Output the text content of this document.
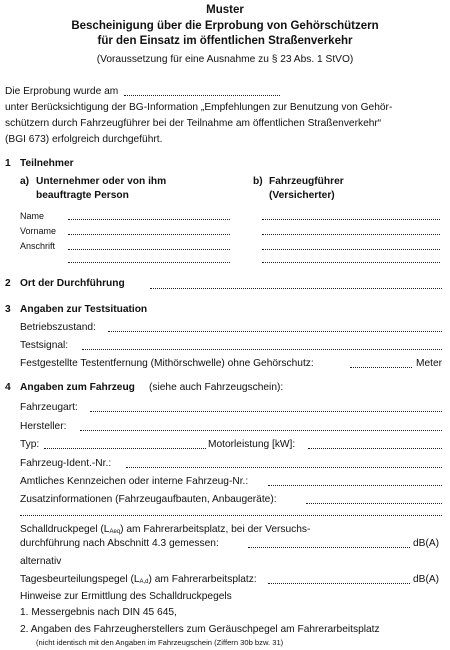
Muster
Bescheinigung über die Erprobung von Gehörschützern
für den Einsatz im öffentlichen Straßenverkehr
(Voraussetzung für eine Ausnahme zu § 23 Abs. 1 StVO)
Die Erprobung wurde am
unter Berücksichtigung der BG-Information „Empfehlungen zur Benutzung von Gehör-
schützern durch Fahrzeugführer bei der Teilnahme am öffentlichen Straßenverkehr“
(BGI 673) erfolgreich durchgeführt.
1 Teilnehmer
a) Unternehmer oder von ihm
beauftragte Person
b) Fahrzeugführer
(Versicherter)
Name
Vorname
Anschrift
2 Ort der Durchführung
3 Angaben zur Testsituation
Betriebszustand:
Testsignal:
Festgestellte Testentfernung (Mithörschwelle) ohne Gehörschutz:	Meter
4 Angaben zum Fahrzeug (siehe auch Fahrzeugschein):
Fahrzeugart:
Hersteller:
Typ:	Motorleistung [kW]:
Fahrzeug-Ident.-Nr.:
Amtliches Kennzeichen oder interne Fahrzeug-Nr.:
Zusatzinformationen (Fahrzeugaufbauten, Anbaugeräte):
Schalldruckpegel $(L_{Aeq})$ am Fahrerarbeitsplatz, bei der Versuchs-
durchführung nach Abschnitt 4.3 gemessen:	dB(A)
alternativ
Tagesbeurteilungspegel $(L_{A,d})$ am Fahrerarbeitsplatz:	dB(A)
Hinweise zur Ermittlung des Schalldruckpegels
1. Messergebnis nach DIN 45 645,
2. Angaben des Fahrzeugherstellers zum Geräuschpegel am Fahrerarbeitsplatz
(nicht identisch mit den Angaben im Fahrzeugschein (Ziffern 30b bzw. 31)
